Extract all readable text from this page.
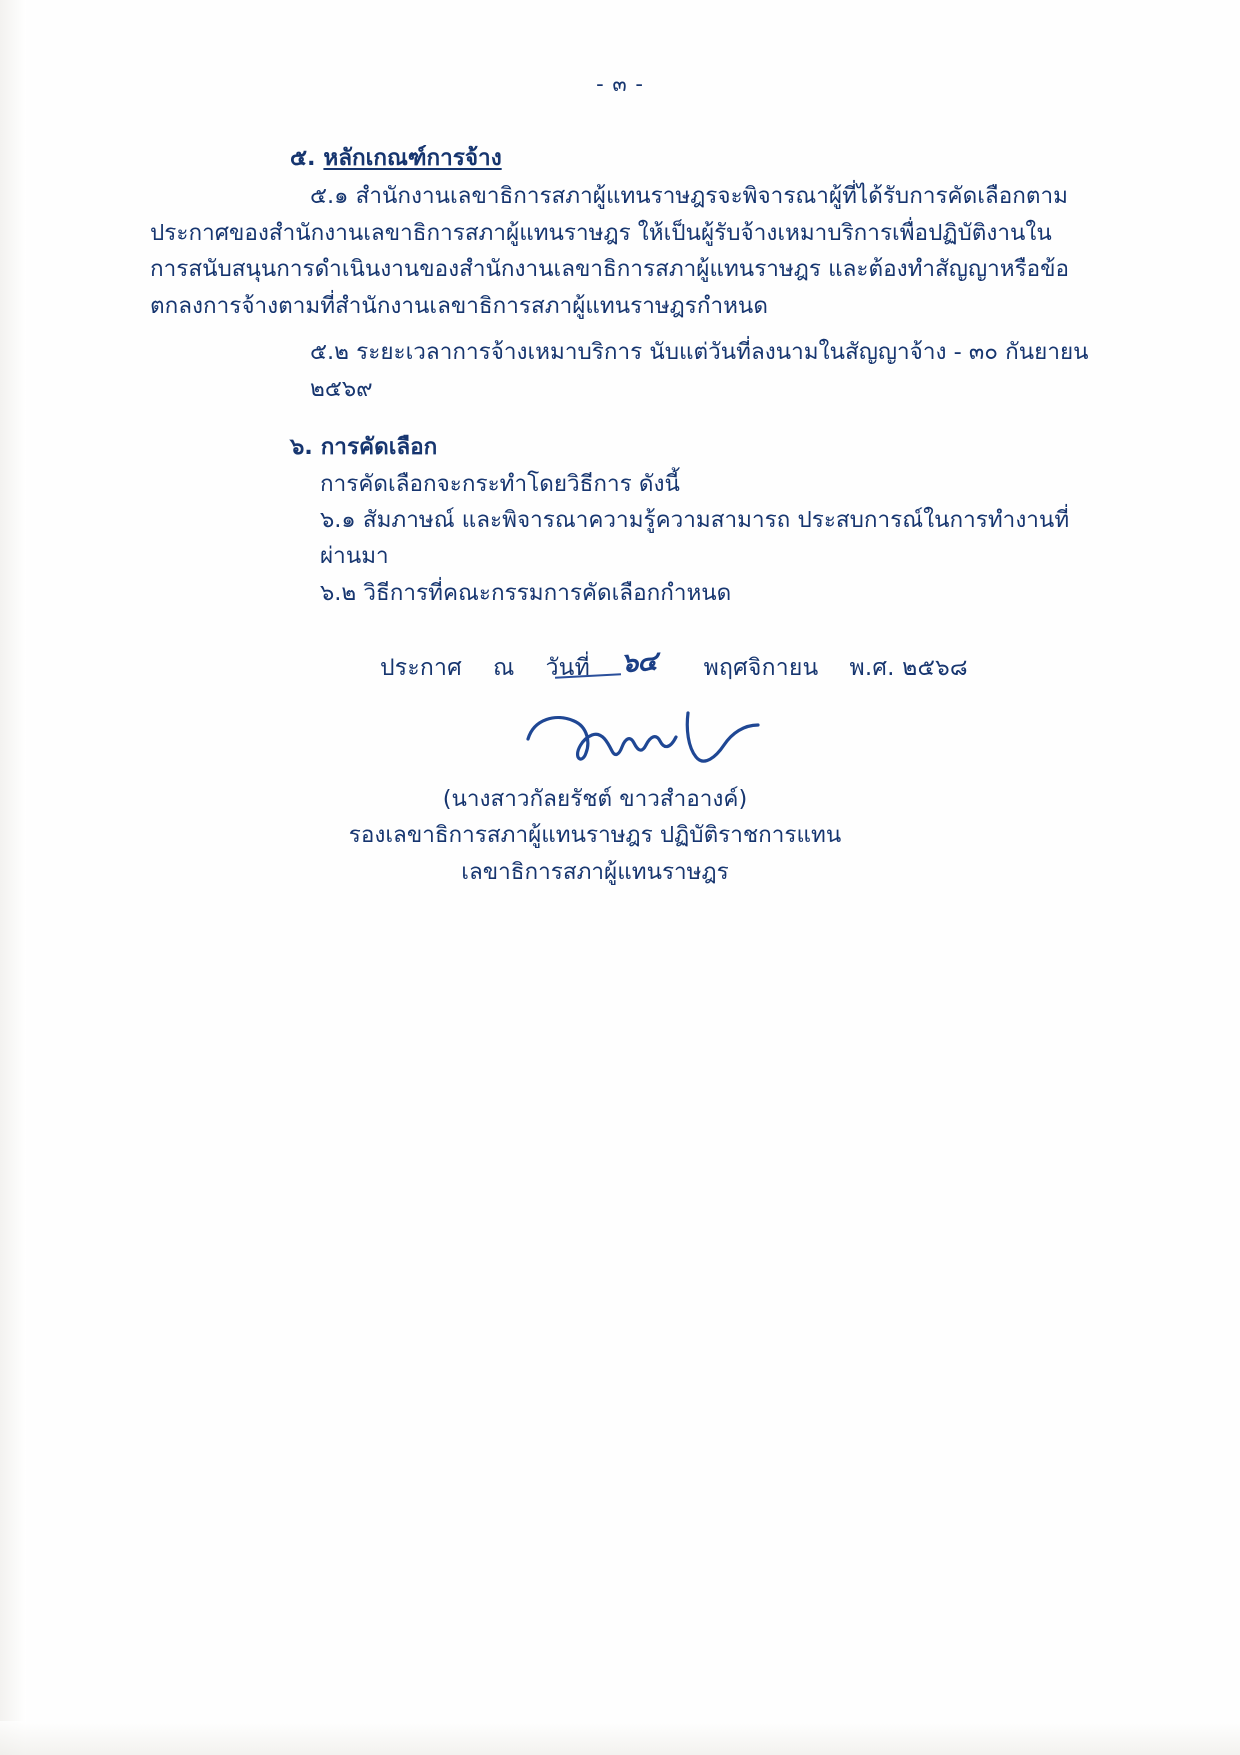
- ๓ -
๕. หลักเกณฑ์การจ้าง

๕.๑ สำนักงานเลขาธิการสภาผู้แทนราษฎรจะพิจารณาผู้ที่ได้รับการคัดเลือกตามประกาศของสำนักงานเลขาธิการสภาผู้แทนราษฎร ให้เป็นผู้รับจ้างเหมาบริการเพื่อปฏิบัติงานในการสนับสนุนการดำเนินงานของสำนักงานเลขาธิการสภาผู้แทนราษฎร และต้องทำสัญญาหรือข้อตกลงการจ้างตามที่สำนักงานเลขาธิการสภาผู้แทนราษฎรกำหนด

๕.๒ ระยะเวลาการจ้างเหมาบริการ นับแต่วันที่ลงนามในสัญญาจ้าง - ๓๐ กันยายน ๒๕๖๙

๖. การคัดเลือก

การคัดเลือกจะกระทำโดยวิธีการ ดังนี้

๖.๑ สัมภาษณ์ และพิจารณาความรู้ความสามารถ ประสบการณ์ในการทำงานที่ผ่านมา

๖.๒ วิธีการที่คณะกรรมการคัดเลือกกำหนด

ประกาศ ณ วันที่ ๖๔ พฤศจิกายน พ.ศ. ๒๕๖๘

(นางสาวกัลยรัชต์ ขาวสำอางค์)

รองเลขาธิการสภาผู้แทนราษฎร ปฏิบัติราชการแทน

เลขาธิการสภาผู้แทนราษฎร
